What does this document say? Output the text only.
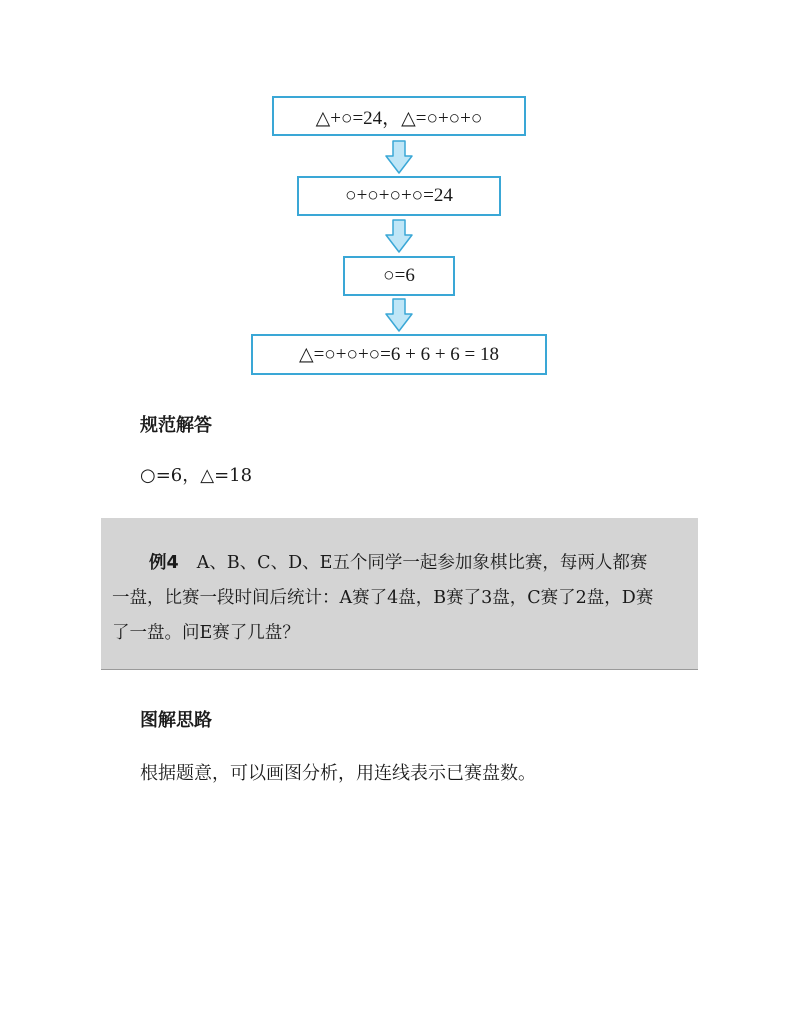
△+○=24，△=○+○+○
○+○+○+○=24
○=6
△=○+○+○=6 + 6 + 6 = 18
规范解答
○=6，△=18
例4 A、B、C、D、E五个同学一起参加象棋比赛，每两人都赛
一盘，比赛一段时间后统计：A赛了4盘，B赛了3盘，C赛了2盘，D赛
了一盘。问E赛了几盘？
图解思路
根据题意，可以画图分析，用连线表示已赛盘数。
